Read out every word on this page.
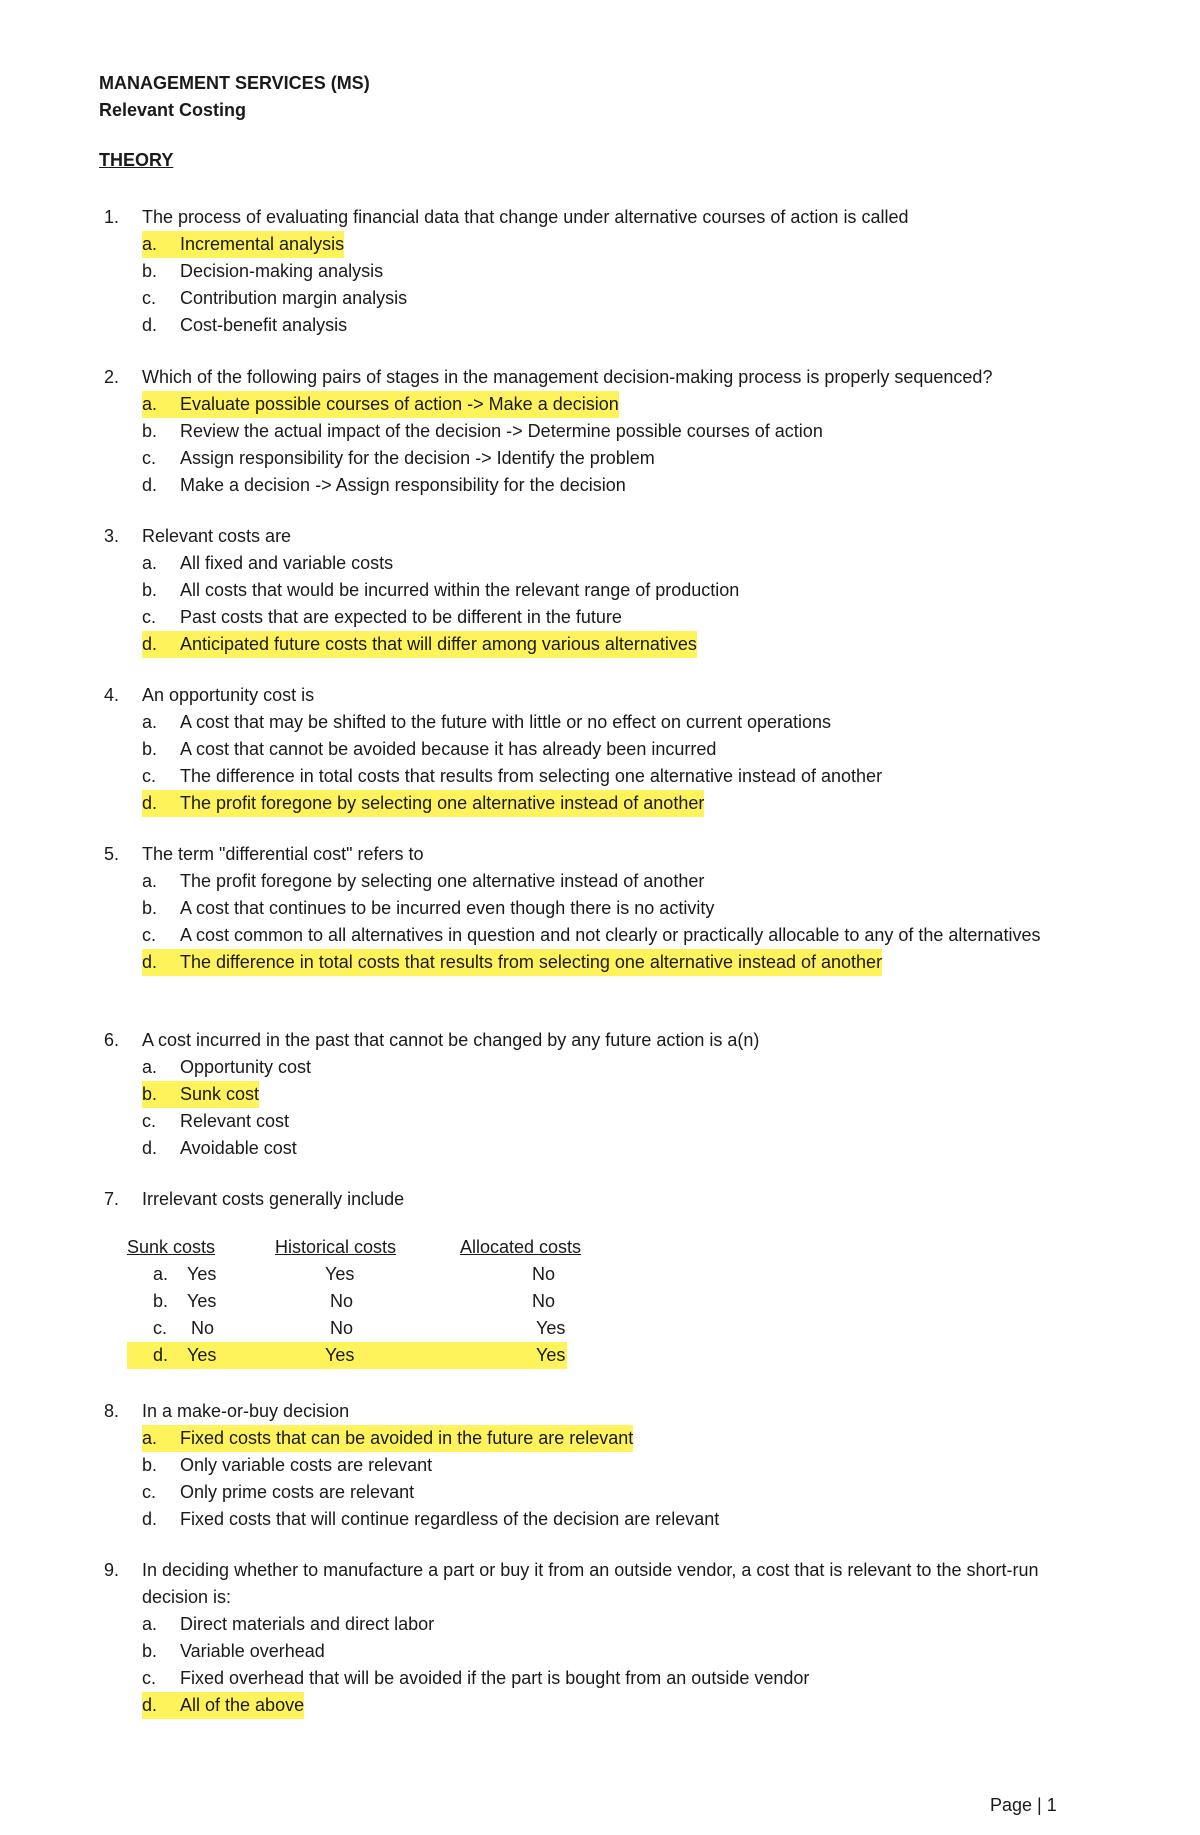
MANAGEMENT SERVICES (MS)
Relevant Costing
THEORY
1.	The process of evaluating financial data that change under alternative courses of action is called
a. Incremental analysis
b.	Decision-making analysis
c.	Contribution margin analysis
d.	Cost-benefit analysis
2.	Which of the following pairs of stages in the management decision-making process is properly sequenced?
a. Evaluate possible courses of action -> Make a decision
b.	Review the actual impact of the decision -> Determine possible courses of action
c.	Assign responsibility for the decision -> Identify the problem
d.	Make a decision -> Assign responsibility for the decision
3.	Relevant costs are
a.	All fixed and variable costs
b.	All costs that would be incurred within the relevant range of production
c.	Past costs that are expected to be different in the future
d. Anticipated future costs that will differ among various alternatives
4.	An opportunity cost is
a.	A cost that may be shifted to the future with little or no effect on current operations
b.	A cost that cannot be avoided because it has already been incurred
c.	The difference in total costs that results from selecting one alternative instead of another
d. The profit foregone by selecting one alternative instead of another
5.	The term "differential cost" refers to
a.	The profit foregone by selecting one alternative instead of another
b.	A cost that continues to be incurred even though there is no activity
c.	A cost common to all alternatives in question and not clearly or practically allocable to any of the alternatives
d. The difference in total costs that results from selecting one alternative instead of another
6.	A cost incurred in the past that cannot be changed by any future action is a(n)
a.	Opportunity cost
b. Sunk cost
c.	Relevant cost
d.	Avoidable cost
7.	Irrelevant costs generally include
Sunk costs	Historical costs	Allocated costs
a. Yes	Yes	No
b. Yes	No	No
c. No	No	Yes
d. Yes	Yes	Yes
8.	In a make-or-buy decision
a. Fixed costs that can be avoided in the future are relevant
b.	Only variable costs are relevant
c.	Only prime costs are relevant
d.	Fixed costs that will continue regardless of the decision are relevant
9.	In deciding whether to manufacture a part or buy it from an outside vendor, a cost that is relevant to the short-run decision is:
a.	Direct materials and direct labor
b.	Variable overhead
c.	Fixed overhead that will be avoided if the part is bought from an outside vendor
d. All of the above
Page | 1
